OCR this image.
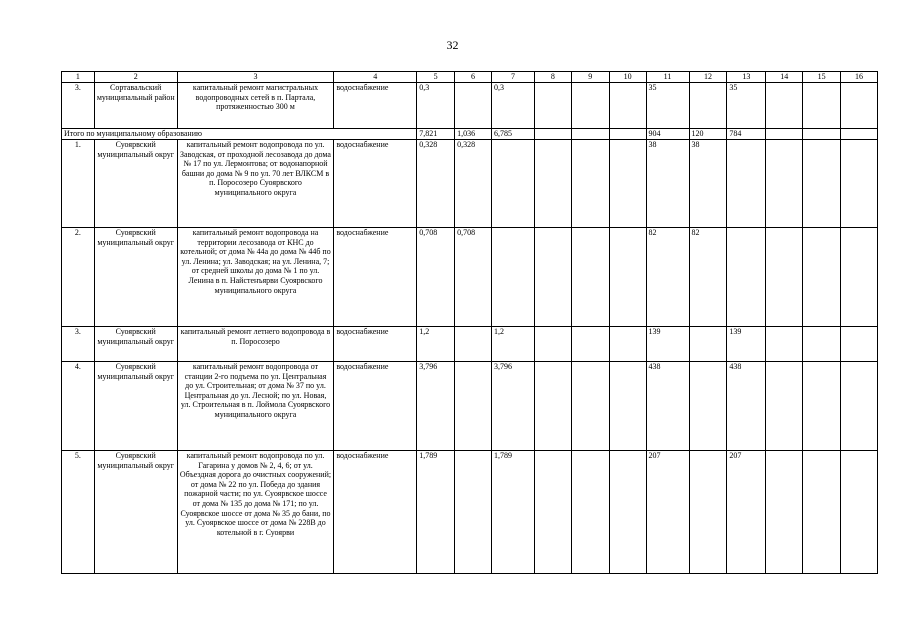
32
1	2	3	4	5	6	7	8	9	10	11	12	13	14	15	16
3.	Сортавальский муниципальный район	капитальный ремонт магистральных водопроводных сетей в п. Партала, протяженностью 300 м	водоснабжение	0,3		0,3				35		35			
Итого по муниципальному образованию				7,821	1,036	6,785				904	120	784			
1.	Суоярвский муниципальный округ	капитальный ремонт водопровода по ул. Заводская, от проходной лесозавода до дома № 17 по ул. Лермонтова; от водонапорной башни до дома № 9 по ул. 70 лет ВЛКСМ в п. Поросозеро Суоярвского муниципального округа	водоснабжение	0,328	0,328					38	38				
2.	Суоярвский муниципальный округ	капитальный ремонт водопровода на территории лесозавода от КНС до котельной; от дома № 44а до дома № 44б по ул. Ленина; ул. Заводская; на ул. Ленина, 7; от средней школы до дома № 1 по ул. Ленина в п. Найстенъярви Суоярвского муниципального округа	водоснабжение	0,708	0,708					82	82				
3.	Суоярвский муниципальный округ	капитальный ремонт летнего водопровода в п. Поросозеро	водоснабжение	1,2		1,2				139		139			
4.	Суоярвский муниципальный округ	капитальный ремонт водопровода от станции 2-го подъема по ул. Центральная до ул. Строительная; от дома № 37 по ул. Центральная до ул. Лесной; по ул. Новая, ул. Строительная в п. Лоймола Суоярвского муниципального округа	водоснабжение	3,796		3,796				438		438			
5.	Суоярвский муниципальный округ	капитальный ремонт водопровода по ул. Гагарина у домов № 2, 4, 6; от ул. Объездная дорога до очистных сооружений; от дома № 22 по ул. Победа до здания пожарной части; по ул. Суоярвское шоссе от дома № 135 до дома № 171; по ул. Суоярвское шоссе от дома № 35 до бани, по ул. Суоярвское шоссе от дома № 228В до котельной в г. Суоярви	водоснабжение	1,789		1,789				207		207			
